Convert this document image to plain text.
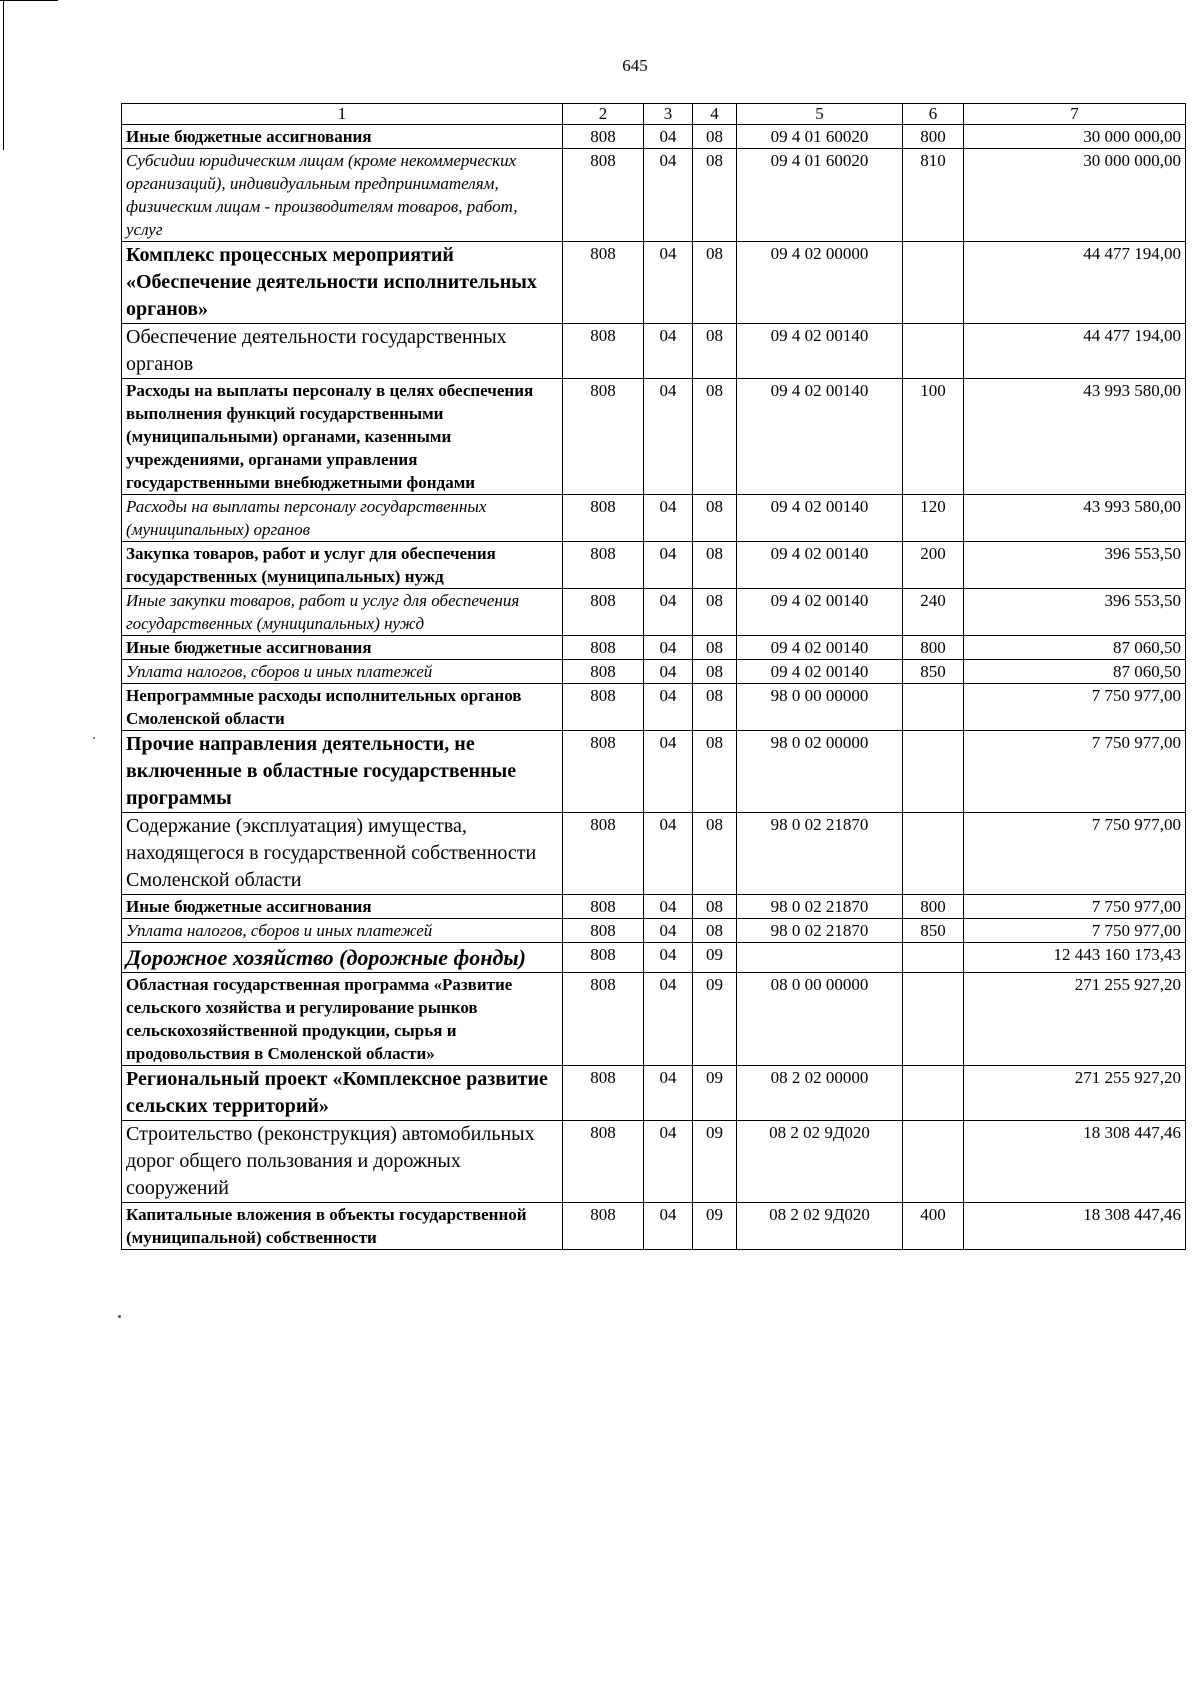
645
1	2	3	4	5	6	7
Иные бюджетные ассигнования	808	04	08	09 4 01 60020	800	30 000 000,00
Субсидии юридическим лицам (кроме некоммерческих организаций), индивидуальным предпринимателям, физическим лицам - производителям товаров, работ, услуг	808	04	08	09 4 01 60020	810	30 000 000,00
Комплекс процессных мероприятий «Обеспечение деятельности исполнительных органов»	808	04	08	09 4 02 00000		44 477 194,00
Обеспечение деятельности государственных органов	808	04	08	09 4 02 00140		44 477 194,00
Расходы на выплаты персоналу в целях обеспечения выполнения функций государственными (муниципальными) органами, казенными учреждениями, органами управления государственными внебюджетными фондами	808	04	08	09 4 02 00140	100	43 993 580,00
Расходы на выплаты персоналу государственных (муниципальных) органов	808	04	08	09 4 02 00140	120	43 993 580,00
Закупка товаров, работ и услуг для обеспечения государственных (муниципальных) нужд	808	04	08	09 4 02 00140	200	396 553,50
Иные закупки товаров, работ и услуг для обеспечения государственных (муниципальных) нужд	808	04	08	09 4 02 00140	240	396 553,50
Иные бюджетные ассигнования	808	04	08	09 4 02 00140	800	87 060,50
Уплата налогов, сборов и иных платежей	808	04	08	09 4 02 00140	850	87 060,50
Непрограммные расходы исполнительных органов Смоленской области	808	04	08	98 0 00 00000		7 750 977,00
Прочие направления деятельности, не включенные в областные государственные программы	808	04	08	98 0 02 00000		7 750 977,00
Содержание (эксплуатация) имущества, находящегося в государственной собственности Смоленской области	808	04	08	98 0 02 21870		7 750 977,00
Иные бюджетные ассигнования	808	04	08	98 0 02 21870	800	7 750 977,00
Уплата налогов, сборов и иных платежей	808	04	08	98 0 02 21870	850	7 750 977,00
Дорожное хозяйство (дорожные фонды)	808	04	09			12 443 160 173,43
Областная государственная программа «Развитие сельского хозяйства и регулирование рынков сельскохозяйственной продукции, сырья и продовольствия в Смоленской области»	808	04	09	08 0 00 00000		271 255 927,20
Региональный проект «Комплексное развитие сельских территорий»	808	04	09	08 2 02 00000		271 255 927,20
Строительство (реконструкция) автомобильных дорог общего пользования и дорожных сооружений	808	04	09	08 2 02 9Д020		18 308 447,46
Капитальные вложения в объекты государственной (муниципальной) собственности	808	04	09	08 2 02 9Д020	400	18 308 447,46
